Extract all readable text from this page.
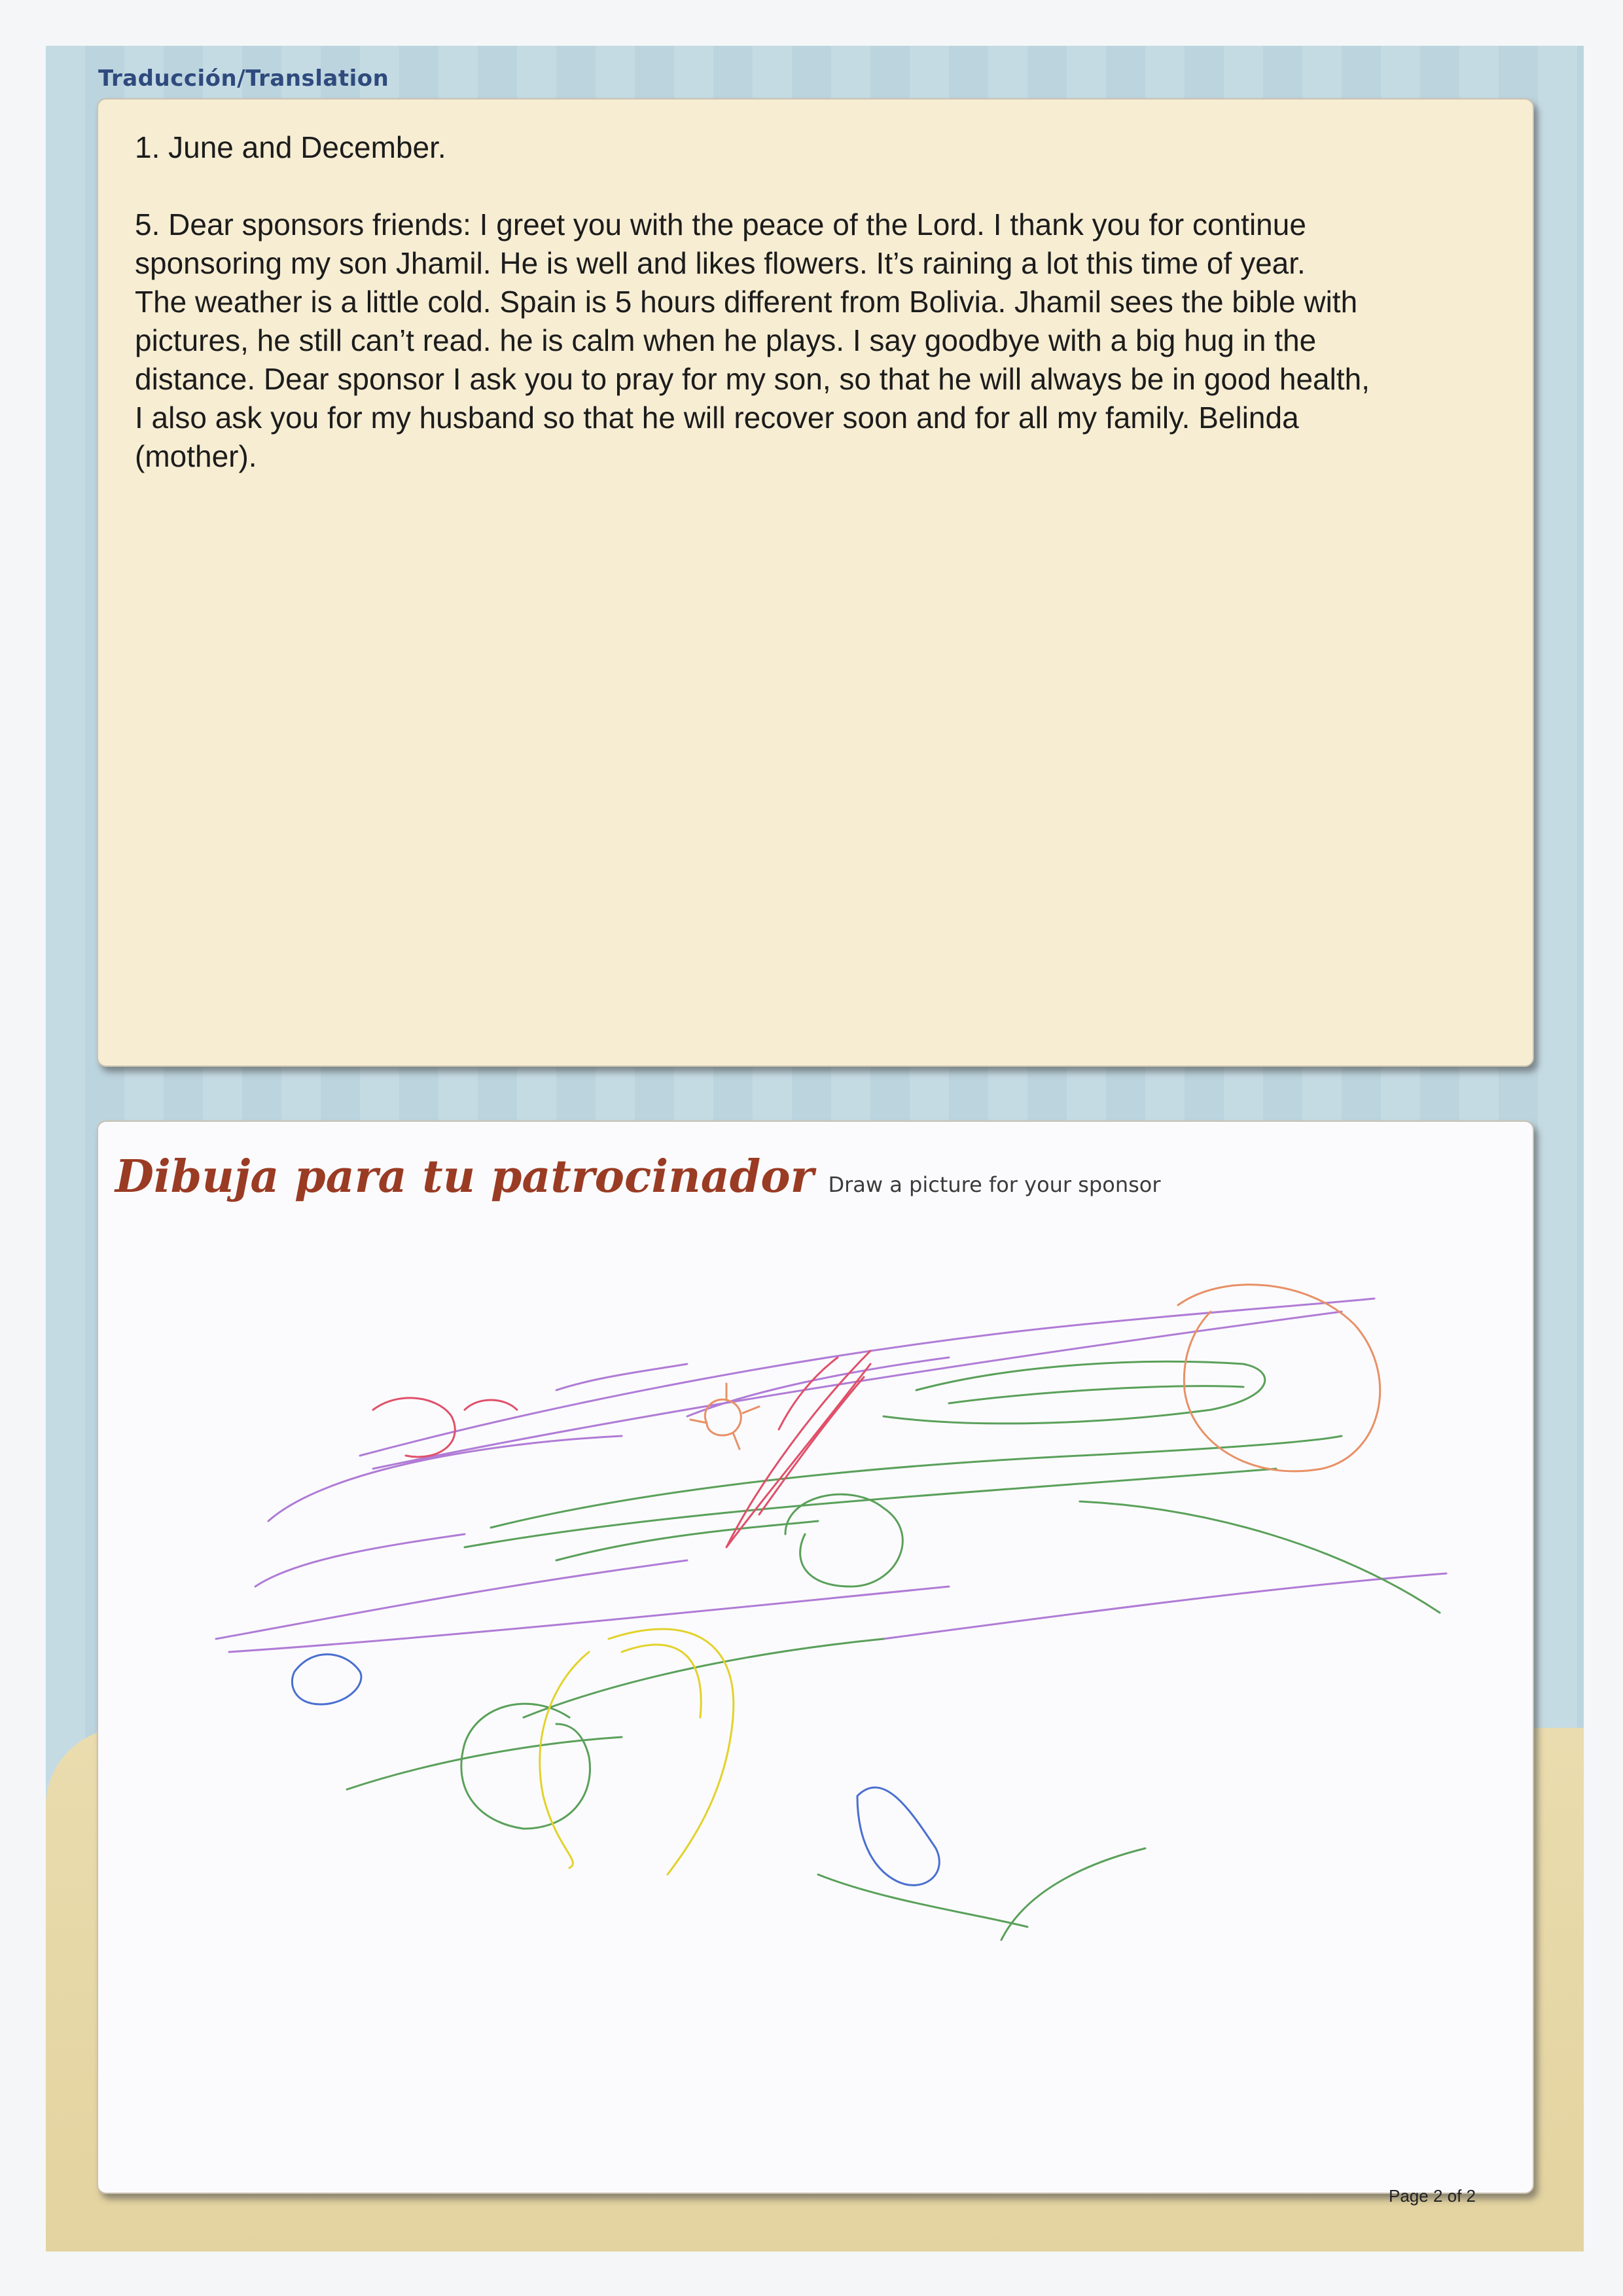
Traducción/Translation

1. June and December.

5. Dear sponsors friends: I greet you with the peace of the Lord. I thank you for continue
sponsoring my son Jhamil. He is well and likes flowers. It’s raining a lot this time of year.
The weather is a little cold. Spain is 5 hours different from Bolivia. Jhamil sees the bible with
pictures, he still can’t read. he is calm when he plays. I say goodbye with a big hug in the
distance. Dear sponsor I ask you to pray for my son, so that he will always be in good health,
I also ask you for my husband so that he will recover soon and for all my family. Belinda
(mother).

Dibuja para tu patrocinador Draw a picture for your sponsor
Page 2 of 2
